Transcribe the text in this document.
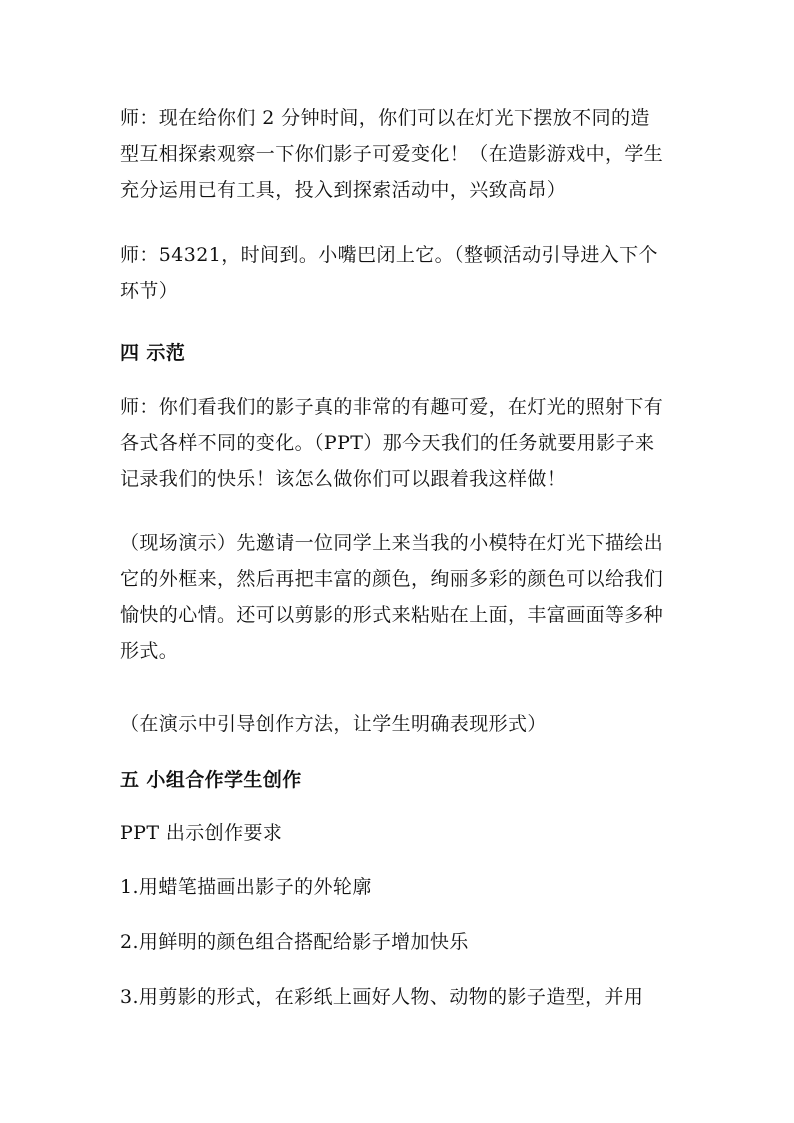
师：现在给你们 2 分钟时间，你们可以在灯光下摆放不同的造型互相探索观察一下你们影子可爱变化！（在造影游戏中，学生充分运用已有工具，投入到探索活动中，兴致高昂）

师：54321，时间到。小嘴巴闭上它。（整顿活动引导进入下个环节）

四 示范

师：你们看我们的影子真的非常的有趣可爱，在灯光的照射下有各式各样不同的变化。（PPT）那今天我们的任务就要用影子来记录我们的快乐！该怎么做你们可以跟着我这样做！

（现场演示）先邀请一位同学上来当我的小模特在灯光下描绘出它的外框来，然后再把丰富的颜色，绚丽多彩的颜色可以给我们愉快的心情。还可以剪影的形式来粘贴在上面，丰富画面等多种形式。

（在演示中引导创作方法，让学生明确表现形式）

五 小组合作学生创作

PPT 出示创作要求

1.用蜡笔描画出影子的外轮廓

2.用鲜明的颜色组合搭配给影子增加快乐

3.用剪影的形式，在彩纸上画好人物、动物的影子造型，并用
